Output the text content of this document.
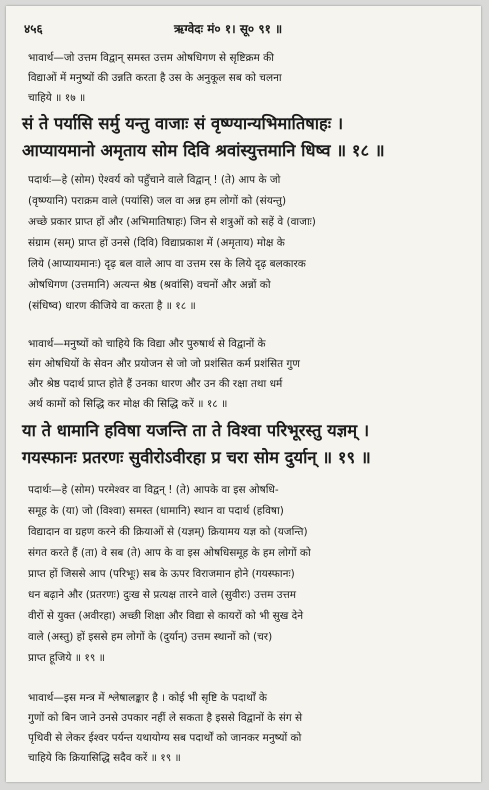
४५६	ऋग्वेदः मं० १। सू० ९१ ॥

भावार्थ—जो उत्तम विद्वान् समस्त उत्तम ओषधिगण से सृष्टिक्रम की

विद्याओं में मनुष्यों की उन्नति करता है उस के अनुकूल सब को चलना

चाहिये ॥ १७ ॥

सं ते पर्यासि सर्मु यन्तु वाजाः सं वृष्ण्यान्यभिमातिषाहः ।

आप्यायमानो अमृताय सोम दिवि श्रवांस्युत्तमानि धिष्व ॥ १८ ॥

पदार्थः—हे (सोम) ऐश्वर्य को पहुँचाने वाले विद्वान् ! (ते) आप के जो

(वृष्ण्यानि) पराक्रम वाले (पयांसि) जल वा अन्न हम लोगों को (संयन्तु)

अच्छे प्रकार प्राप्त हों और (अभिमातिषाहः) जिन से शत्रुओं को सहें वे (वाजाः)

संग्राम (सम्) प्राप्त हों उनसे (दिवि) विद्याप्रकाश में (अमृताय) मोक्ष के

लिये (आप्यायमानः) दृढ़ बल वाले आप वा उत्तम रस के लिये दृढ़ बलकारक

ओषधिगण (उत्तमानि) अत्यन्त श्रेष्ठ (श्रवांसि) वचनों और अन्नों को

(संधिष्व) धारण कीजिये वा करता है ॥ १८ ॥

भावार्थ—मनुष्यों को चाहिये कि विद्या और पुरुषार्थ से विद्वानों के

संग ओषधियों के सेवन और प्रयोजन से जो जो प्रशंसित कर्म प्रशंसित गुण

और श्रेष्ठ पदार्थ प्राप्त होते हैं उनका धारण और उन की रक्षा तथा धर्म

अर्थ कामों को सिद्धि कर मोक्ष की सिद्धि करें ॥ १८ ॥

या ते धामानि हविषा यजन्ति ता ते विश्वा परिभूरस्तु यज्ञम् ।

गयस्फानः प्रतरणः सुवीरोऽवीरहा प्र चरा सोम दुर्यान् ॥ १९ ॥

पदार्थः—हे (सोम) परमेश्वर वा विद्वन् ! (ते) आपके वा इस ओषधि-

समूह के (या) जो (विश्वा) समस्त (धामानि) स्थान वा पदार्थ (हविषा)

विद्यादान वा ग्रहण करने की क्रियाओं से (यज्ञम्) क्रियामय यज्ञ को (यजन्ति)

संगत करते हैं (ता) वे सब (ते) आप के वा इस ओषधिसमूह के हम लोगों को

प्राप्त हों जिससे आप (परिभूः) सब के ऊपर विराजमान होने (गयस्फानः)

धन बढ़ाने और (प्रतरणः) दुःख से प्रत्यक्ष तारने वाले (सुवीरः) उत्तम उत्तम

वीरों से युक्त (अवीरहा) अच्छी शिक्षा और विद्या से कायरों को भी सुख देने

वाले (अस्तु) हों इससे हम लोगों के (दुर्यान्) उत्तम स्थानों को (चर)

प्राप्त हूजिये ॥ १९ ॥

भावार्थ—इस मन्त्र में श्लेषालङ्कार है । कोई भी सृष्टि के पदार्थों के

गुणों को बिन जाने उनसे उपकार नहीं ले सकता है इससे विद्वानों के संग से

पृथिवी से लेकर ईश्वर पर्यन्त यथायोग्य सब पदार्थों को जानकर मनुष्यों को

चाहिये कि क्रियासिद्धि सदैव करें ॥ १९ ॥
